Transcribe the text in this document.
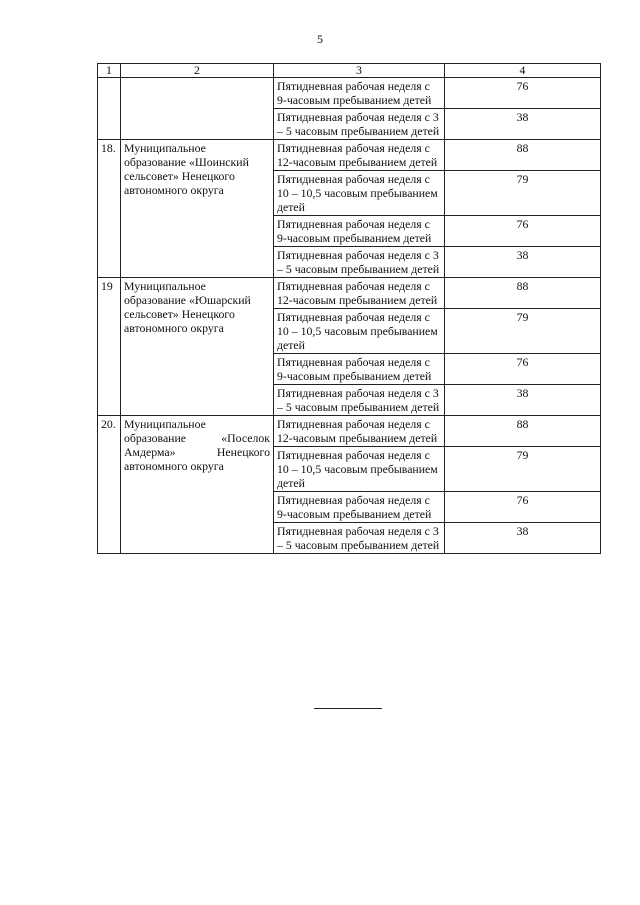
5
1	2	3	4
		Пятидневная рабочая неделя с 9-часовым пребыванием детей	76
		Пятидневная рабочая неделя с 3 – 5 часовым пребыванием детей	38
18.	Муниципальное образование «Шоинский сельсовет» Ненецкого автономного округа	Пятидневная рабочая неделя с 12-часовым пребыванием детей	88
		Пятидневная рабочая неделя с 10 – 10,5 часовым пребыванием детей	79
		Пятидневная рабочая неделя с 9-часовым пребыванием детей	76
		Пятидневная рабочая неделя с 3 – 5 часовым пребыванием детей	38
19	Муниципальное образование «Юшарский сельсовет» Ненецкого автономного округа	Пятидневная рабочая неделя с 12-часовым пребыванием детей	88
		Пятидневная рабочая неделя с 10 – 10,5 часовым пребыванием детей	79
		Пятидневная рабочая неделя с 9-часовым пребыванием детей	76
		Пятидневная рабочая неделя с 3 – 5 часовым пребыванием детей	38
20.	Муниципальное образование «Поселок Амдерма» Ненецкого автономного округа	Пятидневная рабочая неделя с 12-часовым пребыванием детей	88
		Пятидневная рабочая неделя с 10 – 10,5 часовым пребыванием детей	79
		Пятидневная рабочая неделя с 9-часовым пребыванием детей	76
		Пятидневная рабочая неделя с 3 – 5 часовым пребыванием детей	38
